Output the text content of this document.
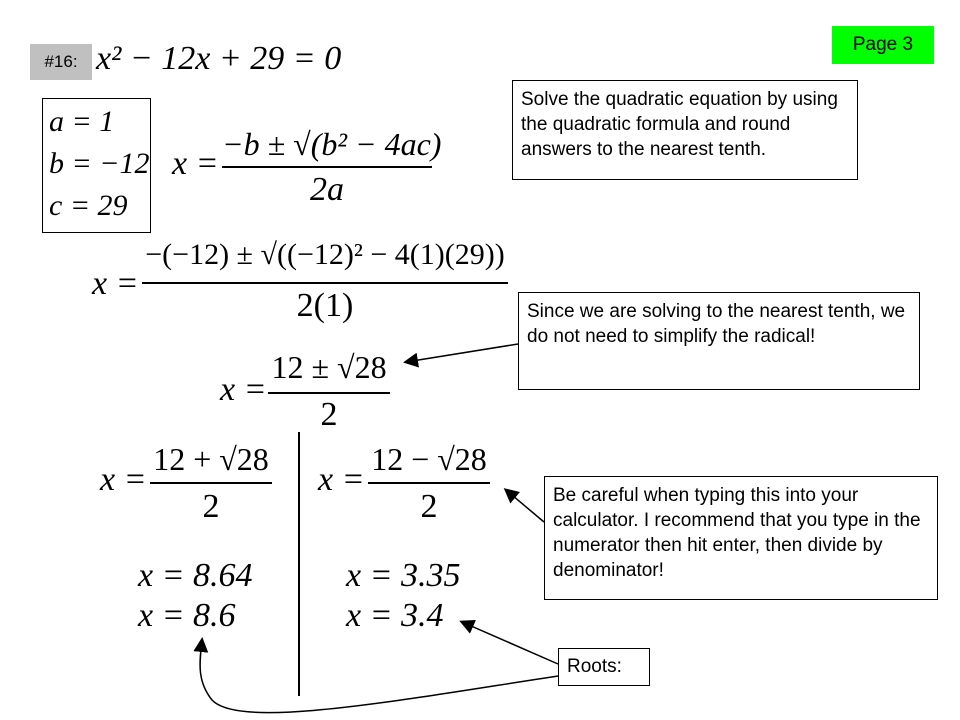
Page 3
#16: x² − 12x + 29 = 0
a = 1
b = −12
c = 29
x =
−b ± √(b² − 4ac)
2a
x =
−(−12) ± √((−12)² − 4(1)(29))
2(1)
x =
12 ± √28
2
x =
12 + √28
2
x =
12 − √28
2
x = 8.64
x = 8.6
x = 3.35
x = 3.4
Solve the quadratic equation by using the quadratic formula and round answers to the nearest tenth.
Since we are solving to the nearest tenth, we do not need to simplify the radical!
Be careful when typing this into your calculator. I recommend that you type in the numerator then hit enter, then divide by denominator!
Roots:
